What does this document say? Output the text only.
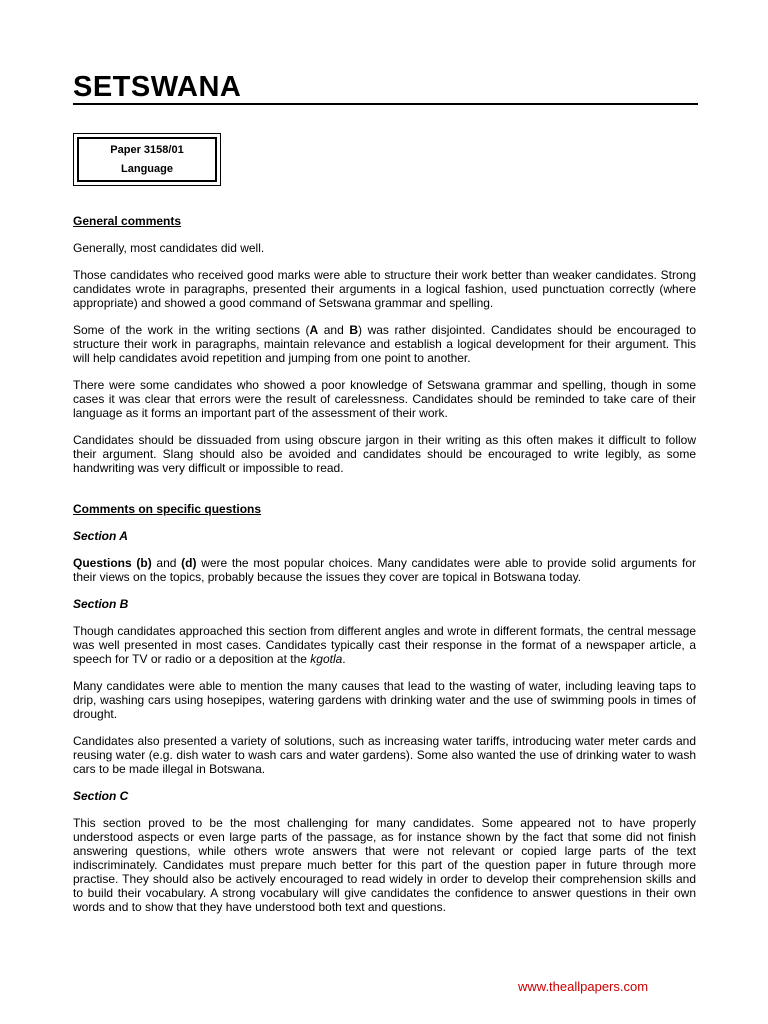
SETSWANA
Paper 3158/01
Language
General comments

Generally, most candidates did well.

Those candidates who received good marks were able to structure their work better than weaker candidates. Strong candidates wrote in paragraphs, presented their arguments in a logical fashion, used punctuation correctly (where appropriate) and showed a good command of Setswana grammar and spelling.

Some of the work in the writing sections (A and B) was rather disjointed. Candidates should be encouraged to structure their work in paragraphs, maintain relevance and establish a logical development for their argument. This will help candidates avoid repetition and jumping from one point to another.

There were some candidates who showed a poor knowledge of Setswana grammar and spelling, though in some cases it was clear that errors were the result of carelessness. Candidates should be reminded to take care of their language as it forms an important part of the assessment of their work.

Candidates should be dissuaded from using obscure jargon in their writing as this often makes it difficult to follow their argument. Slang should also be avoided and candidates should be encouraged to write legibly, as some handwriting was very difficult or impossible to read.

Comments on specific questions
Section A

Questions (b) and (d) were the most popular choices. Many candidates were able to provide solid arguments for their views on the topics, probably because the issues they cover are topical in Botswana today.

Section B

Though candidates approached this section from different angles and wrote in different formats, the central message was well presented in most cases. Candidates typically cast their response in the format of a newspaper article, a speech for TV or radio or a deposition at the kgotla.

Many candidates were able to mention the many causes that lead to the wasting of water, including leaving taps to drip, washing cars using hosepipes, watering gardens with drinking water and the use of swimming pools in times of drought.

Candidates also presented a variety of solutions, such as increasing water tariffs, introducing water meter cards and reusing water (e.g. dish water to wash cars and water gardens). Some also wanted the use of drinking water to wash cars to be made illegal in Botswana.

Section C

This section proved to be the most challenging for many candidates. Some appeared not to have properly understood aspects or even large parts of the passage, as for instance shown by the fact that some did not finish answering questions, while others wrote answers that were not relevant or copied large parts of the text indiscriminately. Candidates must prepare much better for this part of the question paper in future through more practise. They should also be actively encouraged to read widely in order to develop their comprehension skills and to build their vocabulary. A strong vocabulary will give candidates the confidence to answer questions in their own words and to show that they have understood both text and questions.

www.theallpapers.com
